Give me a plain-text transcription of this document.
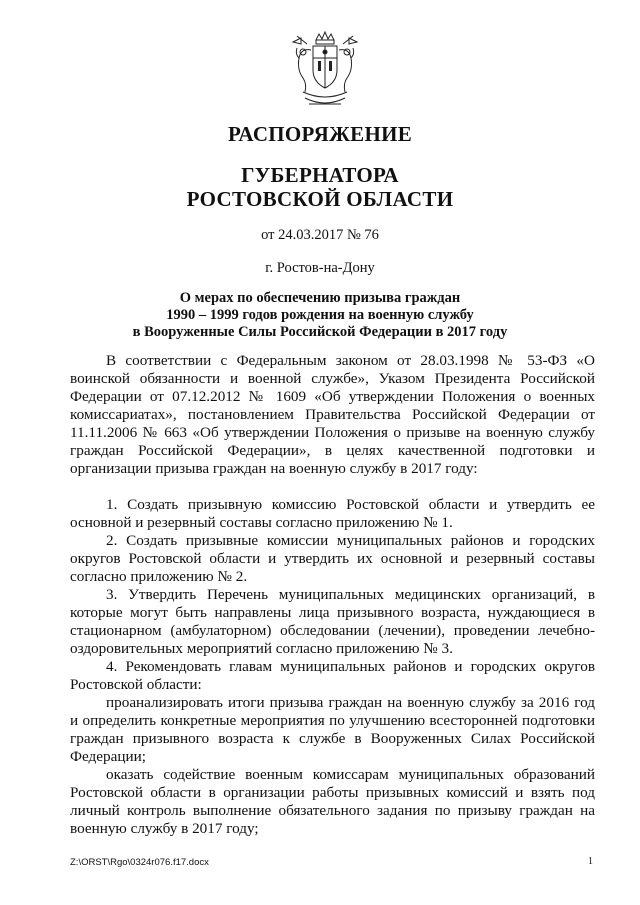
РАСПОРЯЖЕНИЕ
ГУБЕРНАТОРА
РОСТОВСКОЙ ОБЛАСТИ
от 24.03.2017 № 76
г. Ростов-на-Дону
О мерах по обеспечению призыва граждан
1990 – 1999 годов рождения на военную службу
в Вооруженные Силы Российской Федерации в 2017 году

В соответствии с Федеральным законом от 28.03.1998 № 53-ФЗ «О воинской обязанности и военной службе», Указом Президента Российской Федерации от 07.12.2012 № 1609 «Об утверждении Положения о военных комиссариатах», постановлением Правительства Российской Федерации от 11.11.2006 № 663 «Об утверждении Положения о призыве на военную службу граждан Российской Федерации», в целях качественной подготовки и организации призыва граждан на военную службу в 2017 году:

1. Создать призывную комиссию Ростовской области и утвердить ее основной и резервный составы согласно приложению № 1.

2. Создать призывные комиссии муниципальных районов и городских округов Ростовской области и утвердить их основной и резервный составы согласно приложению № 2.

3. Утвердить Перечень муниципальных медицинских организаций, в которые могут быть направлены лица призывного возраста, нуждающиеся в стационарном (амбулаторном) обследовании (лечении), проведении лечебно-оздоровительных мероприятий согласно приложению № 3.

4. Рекомендовать главам муниципальных районов и городских округов Ростовской области:

проанализировать итоги призыва граждан на военную службу за 2016 год и определить конкретные мероприятия по улучшению всесторонней подготовки граждан призывного возраста к службе в Вооруженных Силах Российской Федерации;

оказать содействие военным комиссарам муниципальных образований Ростовской области в организации работы призывных комиссий и взять под личный контроль выполнение обязательного задания по призыву граждан на военную службу в 2017 году;

Z:\ORST\Rgo\0324r076.f17.docx	1
